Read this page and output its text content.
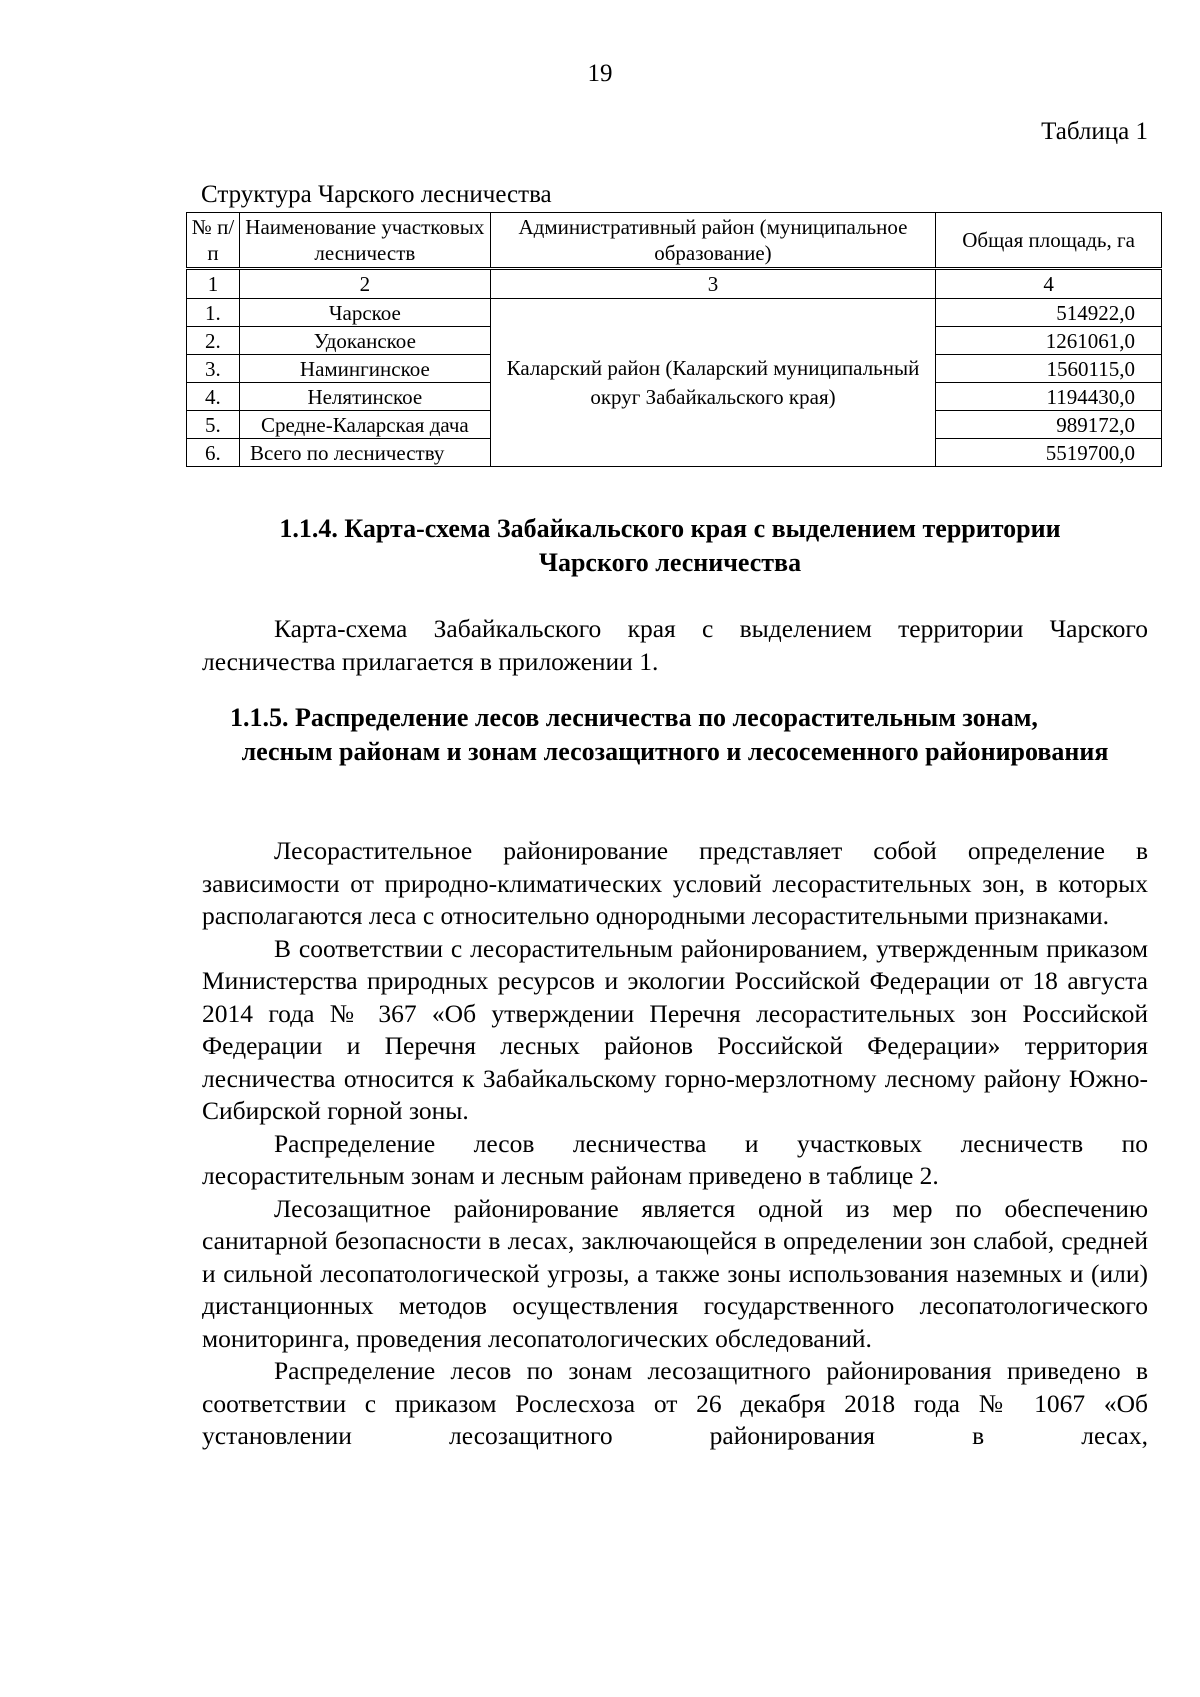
19
Таблица 1
Структура Чарского лесничества
№ п/п	Наименование участковых лесничеств	Административный район (муниципальное образование)	Общая площадь, га
1	2	3	4
1.	Чарское	Каларский район (Каларский муниципальный округ Забайкальского края)	514922,0
2.	Удоканское		1261061,0
3.	Намингинское		1560115,0
4.	Нелятинское		1194430,0
5.	Средне-Каларская дача		989172,0
6.	Всего по лесничеству		5519700,0
1.1.4. Карта-схема Забайкальского края с выделением территории Чарского лесничества

Карта-схема Забайкальского края с выделением территории Чарского лесничества прилагается в приложении 1.

1.1.5. Распределение лесов лесничества по лесорастительным зонам,
лесным районам и зонам лесозащитного и лесосеменного районирования

Лесорастительное районирование представляет собой определение в зависимости от природно-климатических условий лесорастительных зон, в которых располагаются леса с относительно однородными лесорастительными признаками.

В соответствии с лесорастительным районированием, утвержденным приказом Министерства природных ресурсов и экологии Российской Федерации от 18 августа 2014 года № 367 «Об утверждении Перечня лесорастительных зон Российской Федерации и Перечня лесных районов Российской Федерации» территория лесничества относится к Забайкальскому горно-мерзлотному лесному району Южно-Сибирской горной зоны.

Распределение лесов лесничества и участковых лесничеств по лесорастительным зонам и лесным районам приведено в таблице 2.

Лесозащитное районирование является одной из мер по обеспечению санитарной безопасности в лесах, заключающейся в определении зон слабой, средней и сильной лесопатологической угрозы, а также зоны использования наземных и (или) дистанционных методов осуществления государственного лесопатологического мониторинга, проведения лесопатологических обследований.

Распределение лесов по зонам лесозащитного районирования приведено в соответствии с приказом Рослесхоза от 26 декабря 2018 года № 1067 «Об установлении лесозащитного районирования в лесах,
